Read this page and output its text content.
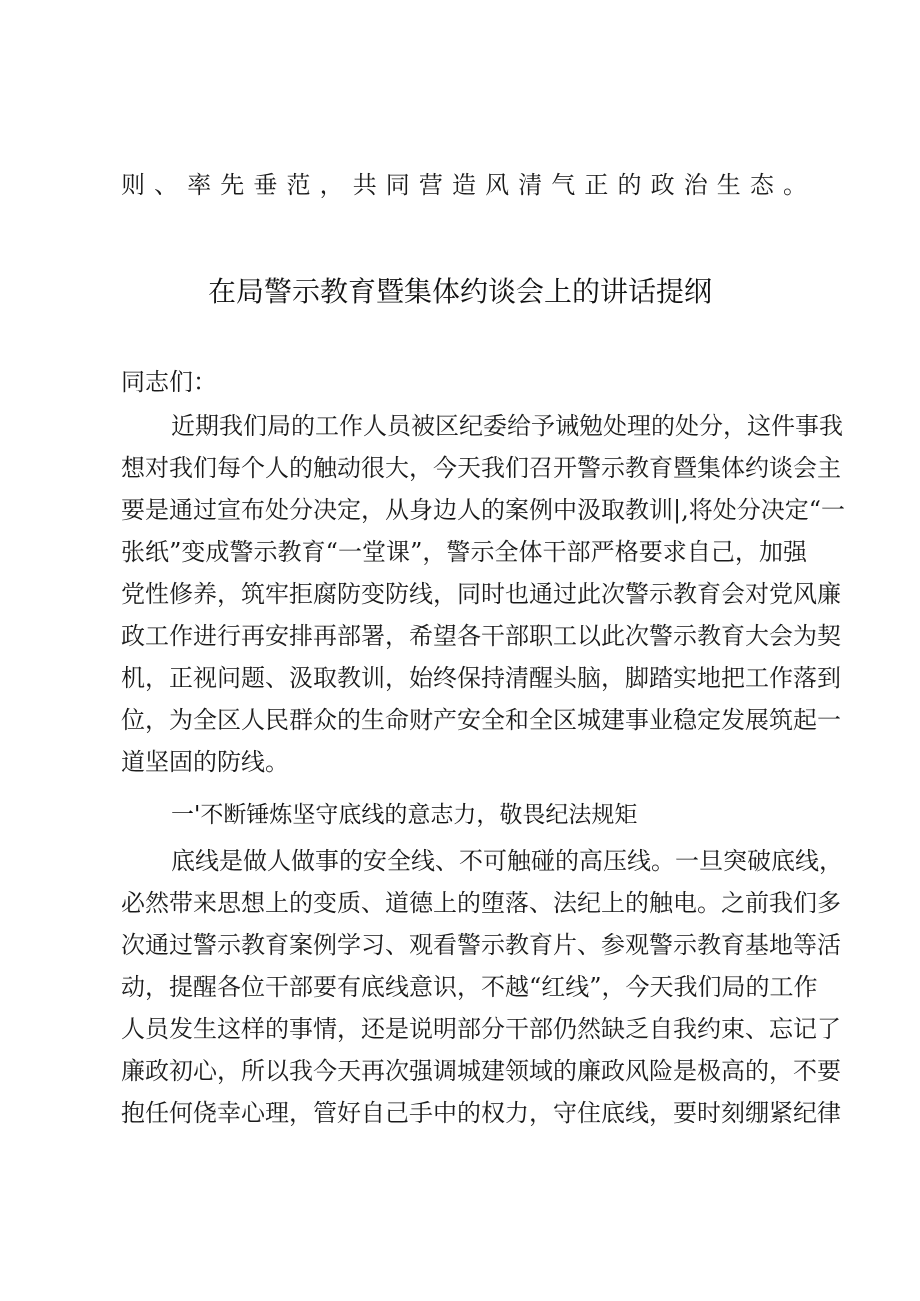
则、率先垂范，共同营造风清气正的政治生态。
在局警示教育暨集体约谈会上的讲话提纲
同志们：
近期我们局的工作人员被区纪委给予诫勉处理的处分，这件事我
想对我们每个人的触动很大，今天我们召开警示教育暨集体约谈会主
要是通过宣布处分决定，从身边人的案例中汲取教训|,将处分决定“一
张纸”变成警示教育“一堂课”，警示全体干部严格要求自己，加强
党性修养，筑牢拒腐防变防线，同时也通过此次警示教育会对党风廉
政工作进行再安排再部署，希望各干部职工以此次警示教育大会为契
机，正视问题、汲取教训，始终保持清醒头脑，脚踏实地把工作落到
位，为全区人民群众的生命财产安全和全区城建事业稳定发展筑起一
道坚固的防线。
一'不断锤炼坚守底线的意志力，敬畏纪法规矩
底线是做人做事的安全线、不可触碰的高压线。一旦突破底线，
必然带来思想上的变质、道德上的堕落、法纪上的触电。之前我们多
次通过警示教育案例学习、观看警示教育片、参观警示教育基地等活
动，提醒各位干部要有底线意识，不越“红线”，今天我们局的工作
人员发生这样的事情，还是说明部分干部仍然缺乏自我约束、忘记了
廉政初心，所以我今天再次强调城建领域的廉政风险是极高的，不要
抱任何侥幸心理，管好自己手中的权力，守住底线，要时刻绷紧纪律
